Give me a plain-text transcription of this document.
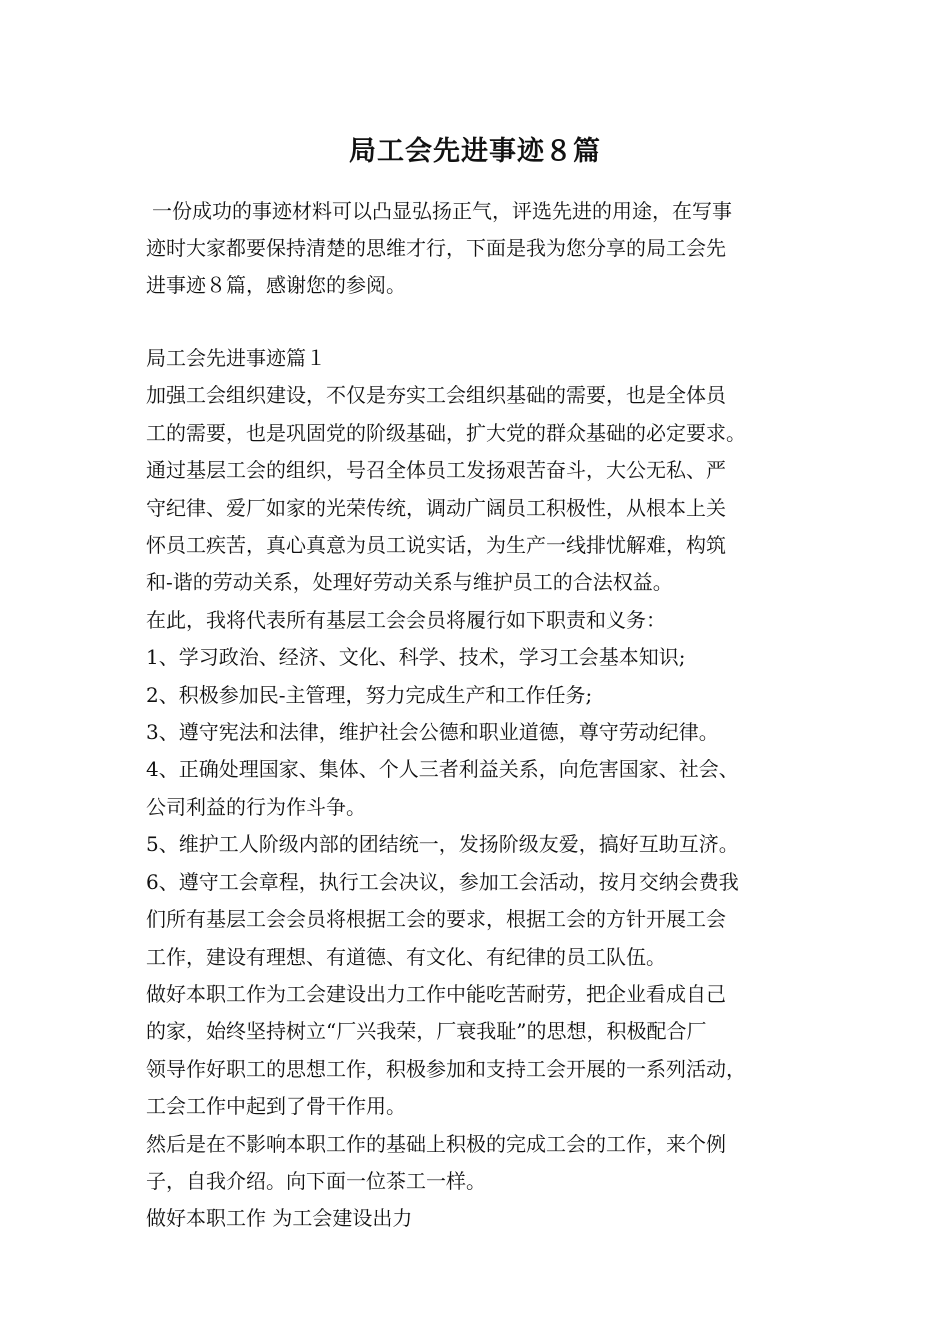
局工会先进事迹８篇

一份成功的事迹材料可以凸显弘扬正气，评选先进的用途，在写事
迹时大家都要保持清楚的思维才行，下面是我为您分享的局工会先
进事迹８篇，感谢您的参阅。

局工会先进事迹篇１
加强工会组织建设，不仅是夯实工会组织基础的需要，也是全体员
工的需要，也是巩固党的阶级基础，扩大党的群众基础的必定要求。
通过基层工会的组织，号召全体员工发扬艰苦奋斗，大公无私、严
守纪律、爱厂如家的光荣传统，调动广阔员工积极性，从根本上关
怀员工疾苦，真心真意为员工说实话，为生产一线排忧解难，构筑
和-谐的劳动关系，处理好劳动关系与维护员工的合法权益。
在此，我将代表所有基层工会会员将履行如下职责和义务：
1、学习政治、经济、文化、科学、技术，学习工会基本知识;
2、积极参加民-主管理，努力完成生产和工作任务;
3、遵守宪法和法律，维护社会公德和职业道德，尊守劳动纪律。
4、正确处理国家、集体、个人三者利益关系，向危害国家、社会、
公司利益的行为作斗争。
5、维护工人阶级内部的团结统一，发扬阶级友爱，搞好互助互济。
6、遵守工会章程，执行工会决议，参加工会活动，按月交纳会费我
们所有基层工会会员将根据工会的要求，根据工会的方针开展工会
工作，建设有理想、有道德、有文化、有纪律的员工队伍。
做好本职工作为工会建设出力工作中能吃苦耐劳，把企业看成自己
的家，始终坚持树立“厂兴我荣，厂衰我耻”的思想，积极配合厂
领导作好职工的思想工作，积极参加和支持工会开展的一系列活动，
工会工作中起到了骨干作用。
然后是在不影响本职工作的基础上积极的完成工会的工作，来个例
子，自我介绍。向下面一位茶工一样。
做好本职工作 为工会建设出力
